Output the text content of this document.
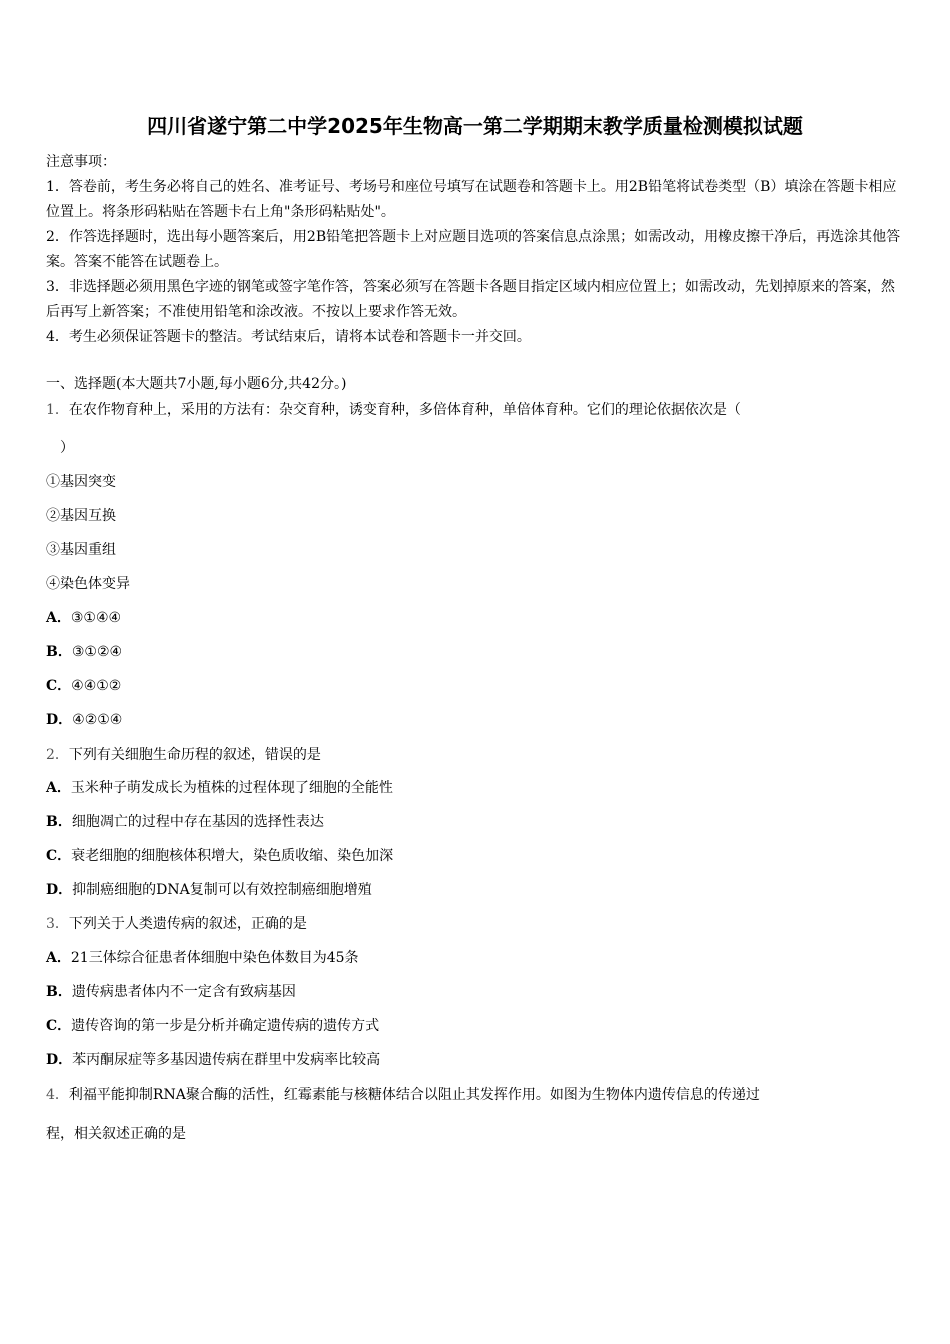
四川省遂宁第二中学2025年生物高一第二学期期末教学质量检测模拟试题

注意事项：

1．答卷前，考生务必将自己的姓名、准考证号、考场号和座位号填写在试题卷和答题卡上。用2B铅笔将试卷类型（B）填涂在答题卡相应位置上。将条形码粘贴在答题卡右上角"条形码粘贴处"。

2．作答选择题时，选出每小题答案后，用2B铅笔把答题卡上对应题目选项的答案信息点涂黑；如需改动，用橡皮擦干净后，再选涂其他答案。答案不能答在试题卷上。

3．非选择题必须用黑色字迹的钢笔或签字笔作答，答案必须写在答题卡各题目指定区域内相应位置上；如需改动，先划掉原来的答案，然后再写上新答案；不准使用铅笔和涂改液。不按以上要求作答无效。

4．考生必须保证答题卡的整洁。考试结束后，请将本试卷和答题卡一并交回。

一、选择题(本大题共7小题,每小题6分,共42分。)
1．在农作物育种上，采用的方法有：杂交育种，诱变育种，多倍体育种，单倍体育种。它们的理论依据依次是（
）
①基因突变
②基因互换
③基因重组
④染色体变异
A．③①④④
B．③①②④
C．④④①②
D．④②①④
2．下列有关细胞生命历程的叙述，错误的是
A．玉米种子萌发成长为植株的过程体现了细胞的全能性
B．细胞凋亡的过程中存在基因的选择性表达
C．衰老细胞的细胞核体积增大，染色质收缩、染色加深
D．抑制癌细胞的DNA复制可以有效控制癌细胞增殖
3．下列关于人类遗传病的叙述，正确的是
A．21三体综合征患者体细胞中染色体数目为45条
B．遗传病患者体内不一定含有致病基因
C．遗传咨询的第一步是分析并确定遗传病的遗传方式
D．苯丙酮尿症等多基因遗传病在群里中发病率比较高
4．利福平能抑制RNA聚合酶的活性，红霉素能与核糖体结合以阻止其发挥作用。如图为生物体内遗传信息的传递过
程，相关叙述正确的是
